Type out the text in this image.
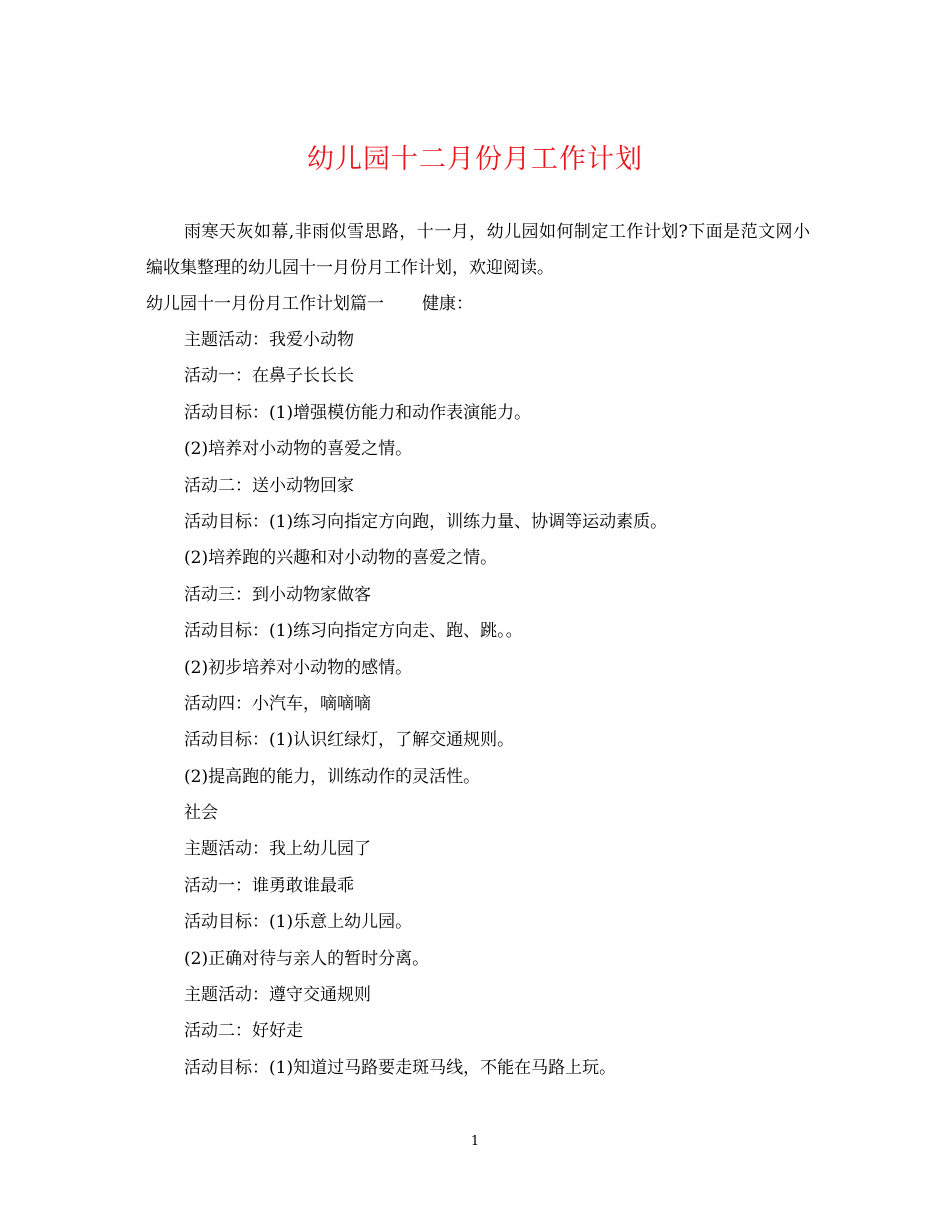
幼儿园十二月份月工作计划

雨寒天灰如幕,非雨似雪思路，十一月，幼儿园如何制定工作计划?下面是范文网小编收集整理的幼儿园十一月份月工作计划，欢迎阅读。

幼儿园十一月份月工作计划篇一 健康：

主题活动：我爱小动物

活动一：在鼻子长长长

活动目标：(1)增强模仿能力和动作表演能力。

(2)培养对小动物的喜爱之情。

活动二：送小动物回家

活动目标：(1)练习向指定方向跑，训练力量、协调等运动素质。

(2)培养跑的兴趣和对小动物的喜爱之情。

活动三：到小动物家做客

活动目标：(1)练习向指定方向走、跑、跳。。

(2)初步培养对小动物的感情。

活动四：小汽车，嘀嘀嘀

活动目标：(1)认识红绿灯，了解交通规则。

(2)提高跑的能力，训练动作的灵活性。

社会

主题活动：我上幼儿园了

活动一：谁勇敢谁最乖

活动目标：(1)乐意上幼儿园。

(2)正确对待与亲人的暂时分离。

主题活动：遵守交通规则

活动二：好好走

活动目标：(1)知道过马路要走斑马线，不能在马路上玩。

1
